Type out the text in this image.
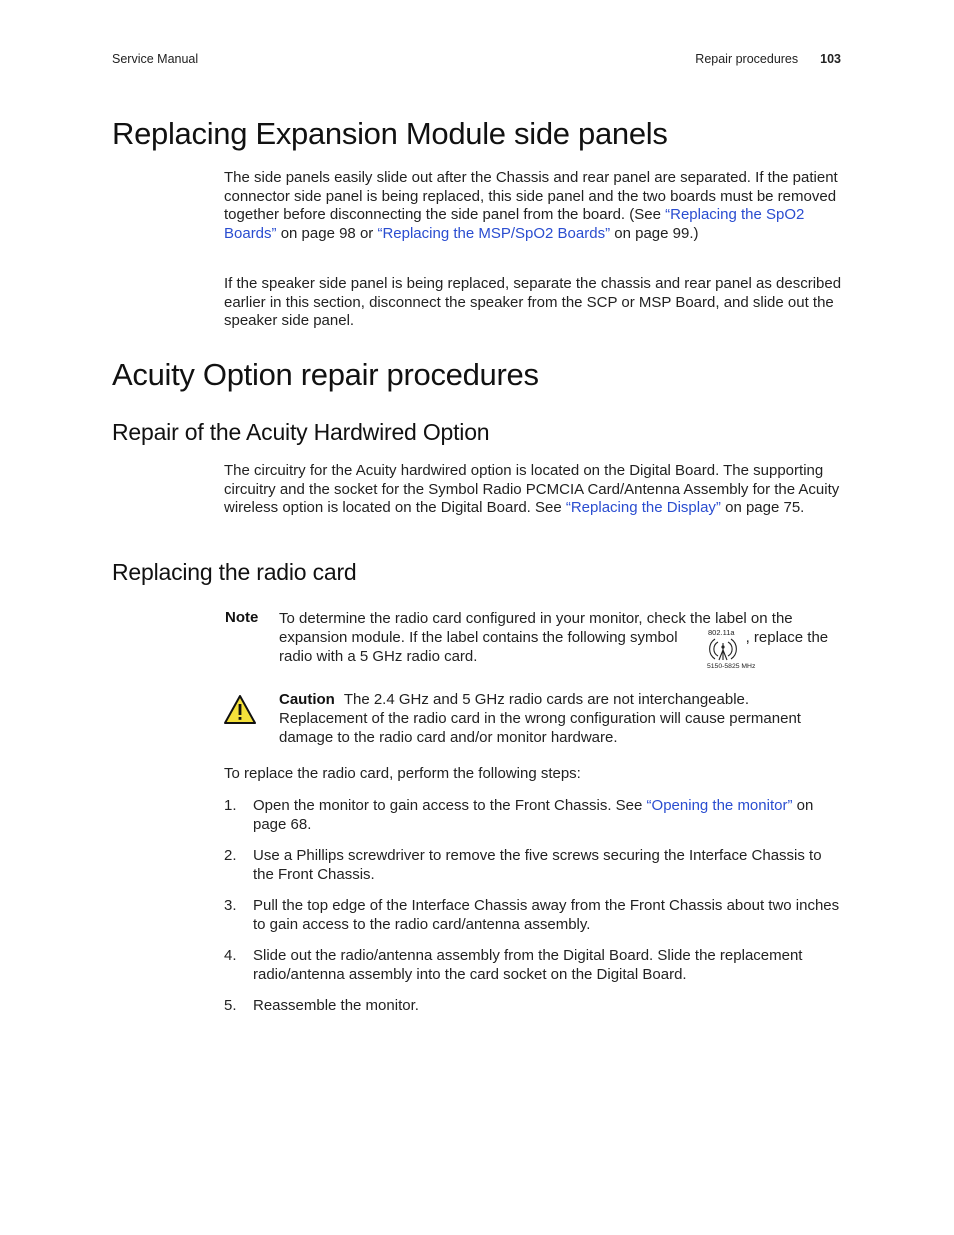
Service Manual	Repair procedures 103
Replacing Expansion Module side panels

The side panels easily slide out after the Chassis and rear panel are separated. If the patient connector side panel is being replaced, this side panel and the two boards must be removed together before disconnecting the side panel from the board. (See “Replacing the SpO2 Boards” on page 98 or “Replacing the MSP/SpO2 Boards” on page 99.)

If the speaker side panel is being replaced, separate the chassis and rear panel as described earlier in this section, disconnect the speaker from the SCP or MSP Board, and slide out the speaker side panel.

Acuity Option repair procedures
Repair of the Acuity Hardwired Option

The circuitry for the Acuity hardwired option is located on the Digital Board. The supporting circuitry and the socket for the Symbol Radio PCMCIA Card/Antenna Assembly for the Acuity wireless option is located on the Digital Board. See “Replacing the Display” on page 75.

Replacing the radio card
Note To determine the radio card configured in your monitor, check the label on the expansion module. If the label contains the following symbol	, replace the radio with a 5 GHz radio card.

802.11a
5150-5825 MHz

Caution The 2.4 GHz and 5 GHz radio cards are not interchangeable. Replacement of the radio card in the wrong configuration will cause permanent damage to the radio card and/or monitor hardware.

To replace the radio card, perform the following steps:

1.	Open the monitor to gain access to the Front Chassis. See “Opening the monitor” on page 68.
2.	Use a Phillips screwdriver to remove the five screws securing the Interface Chassis to the Front Chassis.
3.	Pull the top edge of the Interface Chassis away from the Front Chassis about two inches to gain access to the radio card/antenna assembly.
4.	Slide out the radio/antenna assembly from the Digital Board. Slide the replacement radio/antenna assembly into the card socket on the Digital Board.
5.	Reassemble the monitor.
